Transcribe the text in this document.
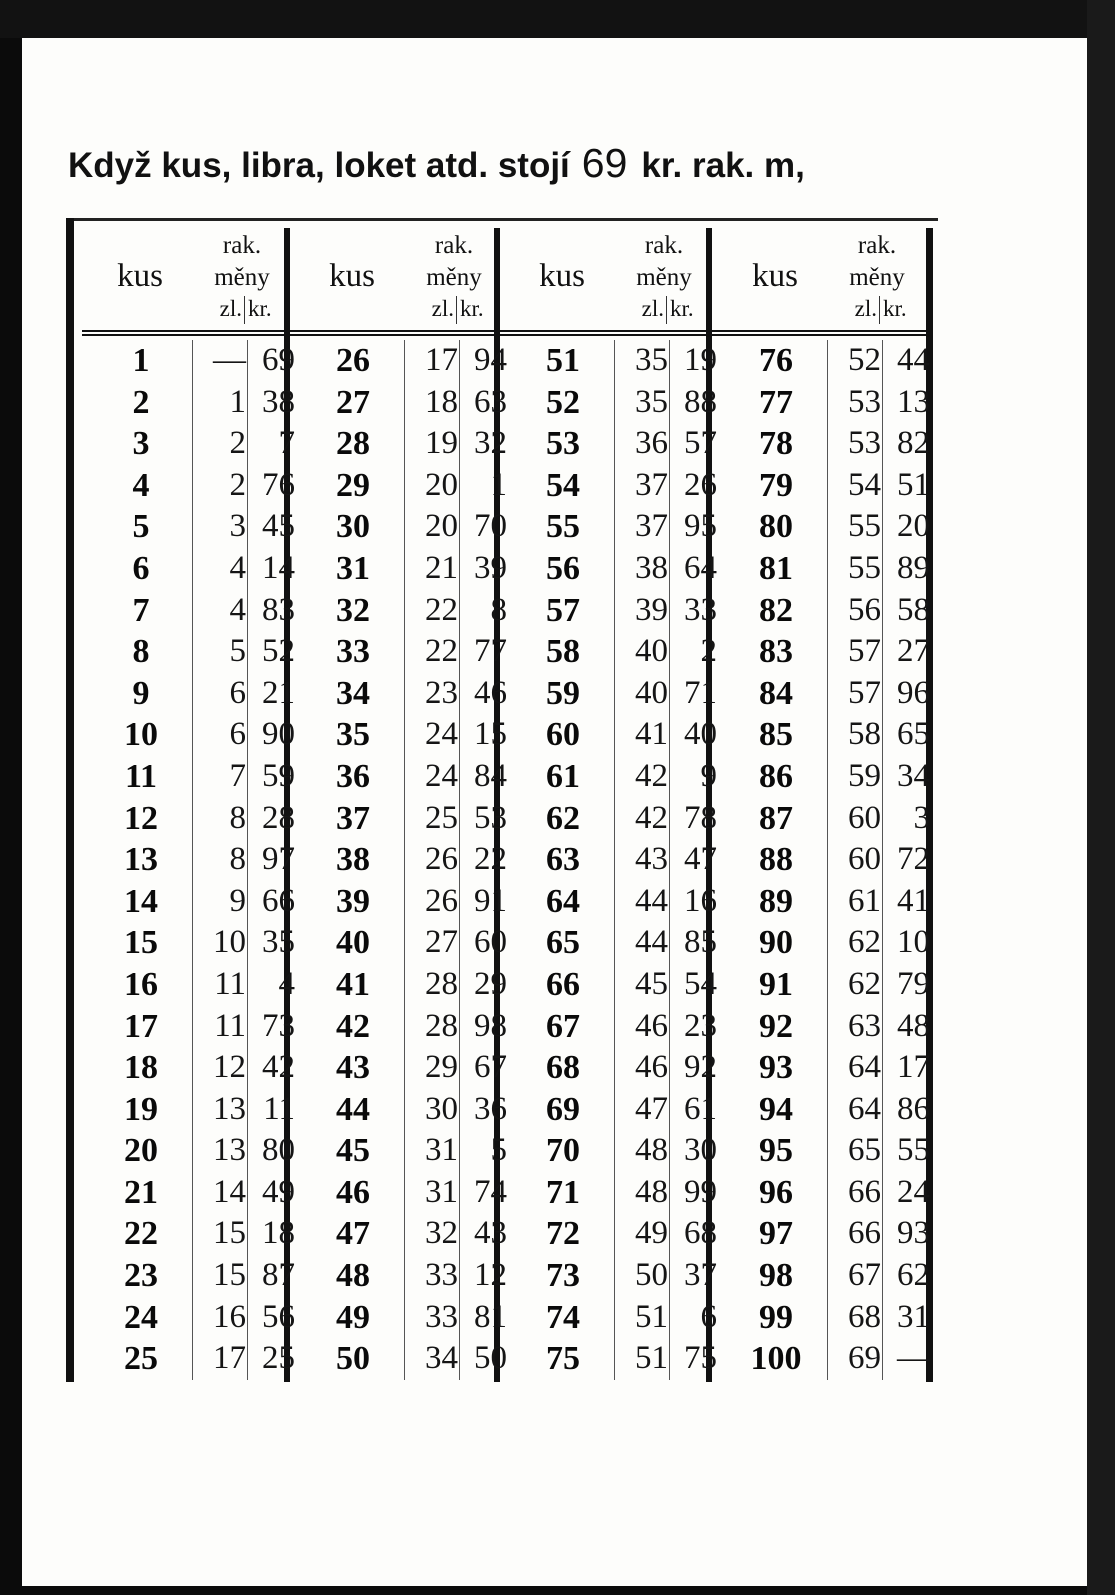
Když kus, libra, loket atd. stojí 69 kr. rak. m,
kus
rak.
měny
zl. kr.
1	— 69
2	1 38
3	2 7
4	2 76
5	3 45
6	4 14
7	4 83
8	5 52
9	6 21
10	6 90
11	7 59
12	8 28
13	8 97
14	9 66
15	10 35
16	11 4
17	11 73
18	12 42
19	13 11
20	13 80
21	14 49
22	15 18
23	15 87
24	16 56
25	17 25
kus
rak.
měny
zl. kr.
26	17 94
27	18 63
28	19 32
29	20 1
30	20 70
31	21 39
32	22 8
33	22 77
34	23 46
35	24 15
36	24 84
37	25 53
38	26 22
39	26 91
40	27 60
41	28 29
42	28 98
43	29 67
44	30 36
45	31 5
46	31 74
47	32 43
48	33 12
49	33 81
50	34 50
kus
rak.
měny
zl. kr.
51	35 19
52	35 88
53	36 57
54	37 26
55	37 95
56	38 64
57	39 33
58	40 2
59	40 71
60	41 40
61	42 9
62	42 78
63	43 47
64	44 16
65	44 85
66	45 54
67	46 23
68	46 92
69	47 61
70	48 30
71	48 99
72	49 68
73	50 37
74	51 6
75	51 75
kus
rak.
měny
zl. kr.
76	52 44
77	53 13
78	53 82
79	54 51
80	55 20
81	55 89
82	56 58
83	57 27
84	57 96
85	58 65
86	59 34
87	60 3
88	60 72
89	61 41
90	62 10
91	62 79
92	63 48
93	64 17
94	64 86
95	65 55
96	66 24
97	66 93
98	67 62
99	68 31
100	69 —
